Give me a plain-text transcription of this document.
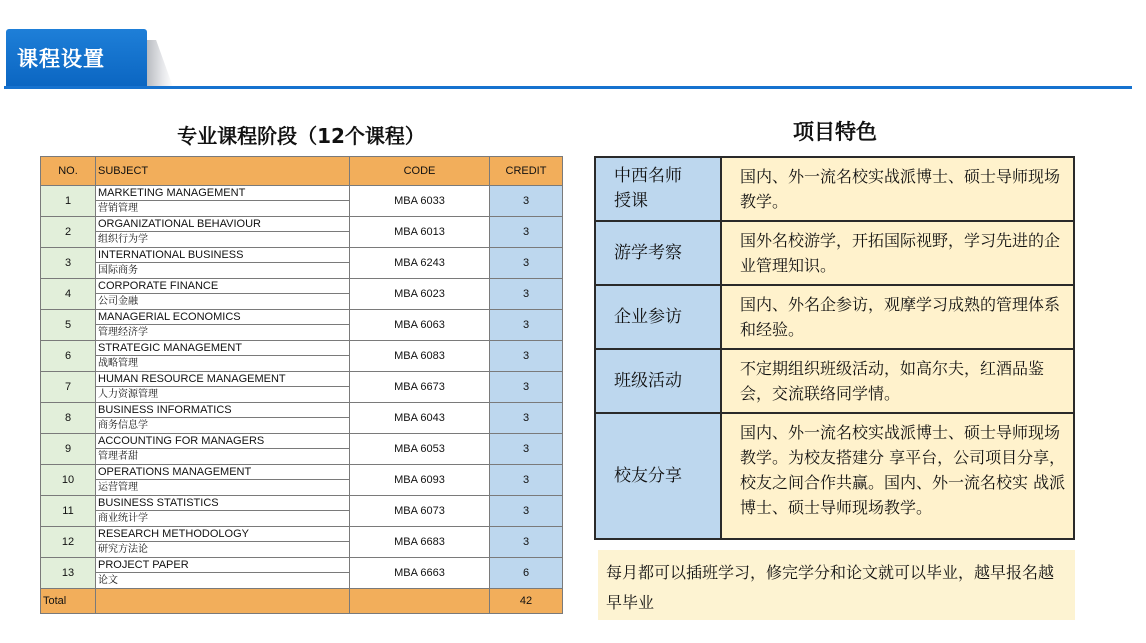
课程设置
专业课程阶段（12个课程）
NO.	SUBJECT	CODE	CREDIT
1	MARKETING MANAGEMENT	MBA 6033	3
	营销管理		
2	ORGANIZATIONAL BEHAVIOUR	MBA 6013	3
	组织行为学		
3	INTERNATIONAL BUSINESS	MBA 6243	3
	国际商务		
4	CORPORATE FINANCE	MBA 6023	3
	公司金融		
5	MANAGERIAL ECONOMICS	MBA 6063	3
	管理经济学		
6	STRATEGIC MANAGEMENT	MBA 6083	3
	战略管理		
7	HUMAN RESOURCE MANAGEMENT	MBA 6673	3
	人力资源管理		
8	BUSINESS INFORMATICS	MBA 6043	3
	商务信息学		
9	ACCOUNTING FOR MANAGERS	MBA 6053	3
	管理者甜		
10	OPERATIONS MANAGEMENT	MBA 6093	3
	运营管理		
11	BUSINESS STATISTICS	MBA 6073	3
	商业统计学		
12	RESEARCH METHODOLOGY	MBA 6683	3
	研究方法论		
13	PROJECT PAPER	MBA 6663	6
	论文		
Total			42
项目特色
中西名师授课
国内、外一流名校实战派博士、硕士导师现场教学。
游学考察
国外名校游学，开拓国际视野，学习先进的企业管理知识。
企业参访
国内、外名企参访，观摩学习成熟的管理体系和经验。
班级活动
不定期组织班级活动，如高尔夫，红酒品鉴会，交流联络同学情。
校友分享
国内、外一流名校实战派博士、硕士导师现场教学。为校友搭建分 享平台，公司项目分享，校友之间合作共赢。国内、外一流名校实 战派博士、硕士导师现场教学。
每月都可以插班学习，修完学分和论文就可以毕业，越早报名越早毕业
